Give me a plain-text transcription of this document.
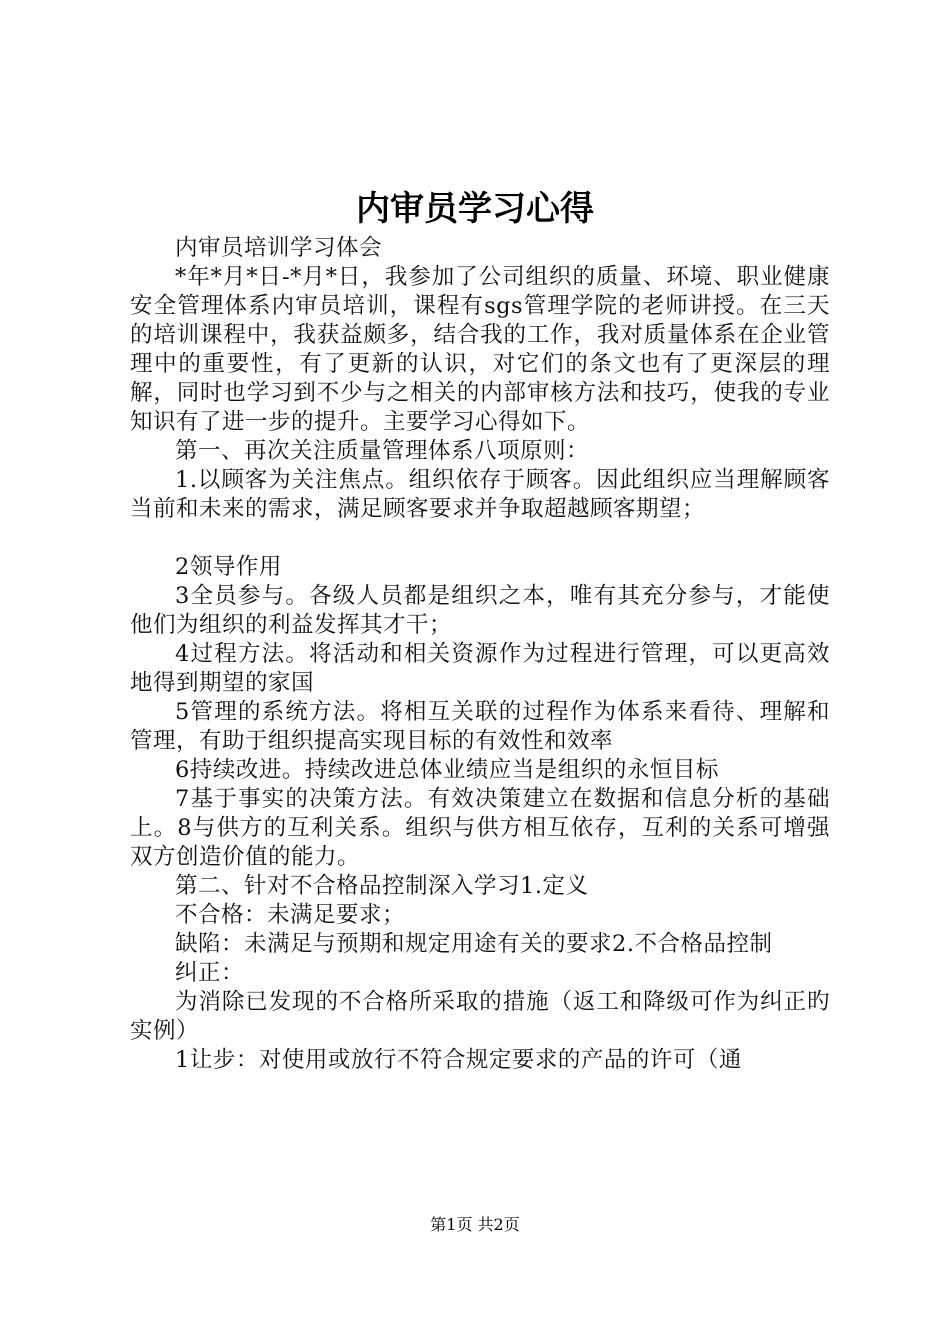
内审员学习心得

内审员培训学习体会

*年*月*日-*月*日，我参加了公司组织的质量、环境、职业健康安全管理体系内审员培训，课程有sgs管理学院的老师讲授。在三天的培训课程中，我获益颇多，结合我的工作，我对质量体系在企业管理中的重要性，有了更新的认识，对它们的条文也有了更深层的理解，同时也学习到不少与之相关的内部审核方法和技巧，使我的专业知识有了进一步的提升。主要学习心得如下。

第一、再次关注质量管理体系八项原则：

1.以顾客为关注焦点。组织依存于顾客。因此组织应当理解顾客当前和未来的需求，满足顾客要求并争取超越顾客期望；

2领导作用

3全员参与。各级人员都是组织之本，唯有其充分参与，才能使他们为组织的利益发挥其才干；

4过程方法。将活动和相关资源作为过程进行管理，可以更高效地得到期望的家国

5管理的系统方法。将相互关联的过程作为体系来看待、理解和管理，有助于组织提高实现目标的有效性和效率

6持续改进。持续改进总体业绩应当是组织的永恒目标

7基于事实的决策方法。有效决策建立在数据和信息分析的基础上。8与供方的互利关系。组织与供方相互依存，互利的关系可增强双方创造价值的能力。

第二、针对不合格品控制深入学习1.定义

不合格：未满足要求；

缺陷：未满足与预期和规定用途有关的要求2.不合格品控制

纠正：

为消除已发现的不合格所采取的措施（返工和降级可作为纠正旳实例）

1让步：对使用或放行不符合规定要求的产品的许可（通

第1页 共2页
